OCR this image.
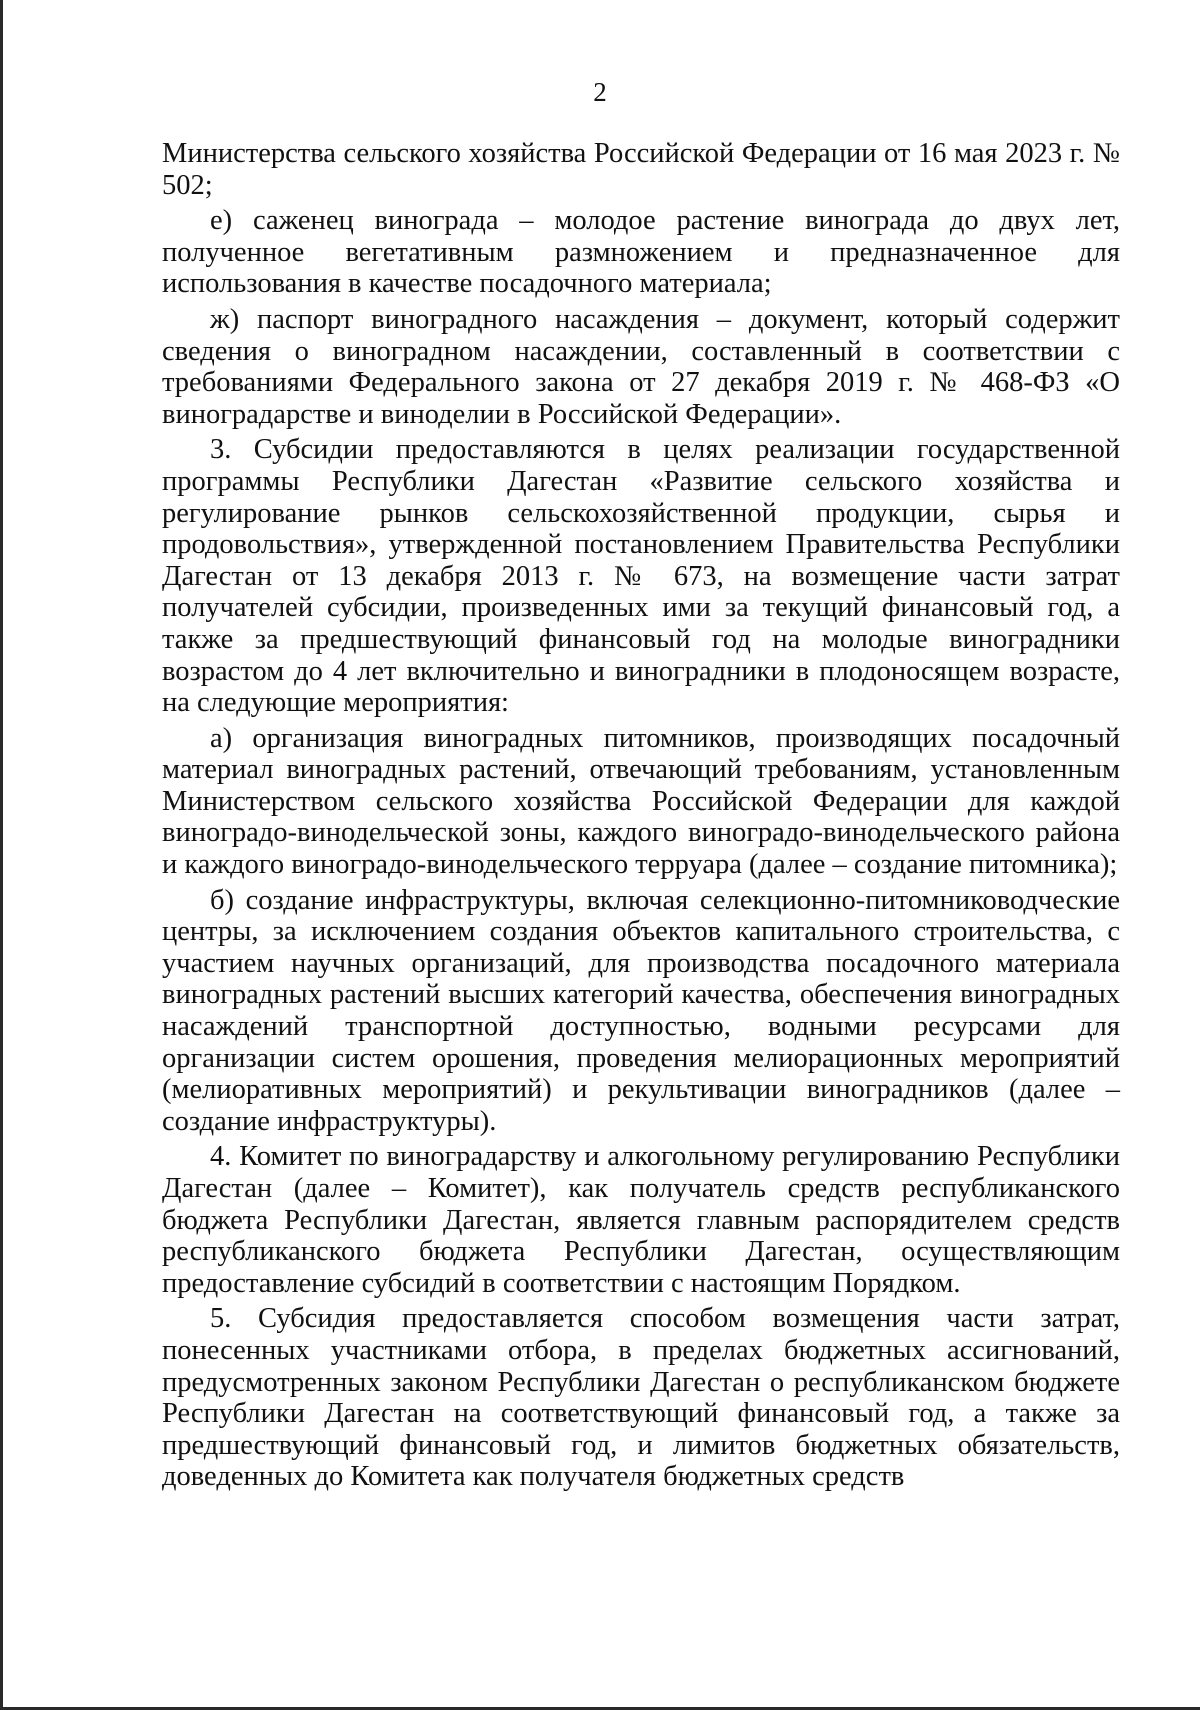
2

Министерства сельского хозяйства Российской Федерации от 16 мая 2023 г. № 502;

е) саженец винограда – молодое растение винограда до двух лет, полученное вегетативным размножением и предназначенное для использования в качестве посадочного материала;

ж) паспорт виноградного насаждения – документ, который содержит сведения о виноградном насаждении, составленный в соответствии с требованиями Федерального закона от 27 декабря 2019 г. № 468-ФЗ «О виноградарстве и виноделии в Российской Федерации».

3. Субсидии предоставляются в целях реализации государственной программы Республики Дагестан «Развитие сельского хозяйства и регулирование рынков сельскохозяйственной продукции, сырья и продовольствия», утвержденной постановлением Правительства Республики Дагестан от 13 декабря 2013 г. № 673, на возмещение части затрат получателей субсидии, произведенных ими за текущий финансовый год, а также за предшествующий финансовый год на молодые виноградники возрастом до 4 лет включительно и виноградники в плодоносящем возрасте, на следующие мероприятия:

а) организация виноградных питомников, производящих посадочный материал виноградных растений, отвечающий требованиям, установленным Министерством сельского хозяйства Российской Федерации для каждой виноградо-винодельческой зоны, каждого виноградо-винодельческого района и каждого виноградо-винодельческого терруара (далее – создание питомника);

б) создание инфраструктуры, включая селекционно-питомниководческие центры, за исключением создания объектов капитального строительства, с участием научных организаций, для производства посадочного материала виноградных растений высших категорий качества, обеспечения виноградных насаждений транспортной доступностью, водными ресурсами для организации систем орошения, проведения мелиорационных мероприятий (мелиоративных мероприятий) и рекультивации виноградников (далее – создание инфраструктуры).

4. Комитет по виноградарству и алкогольному регулированию Республики Дагестан (далее – Комитет), как получатель средств республиканского бюджета Республики Дагестан, является главным распорядителем средств республиканского бюджета Республики Дагестан, осуществляющим предоставление субсидий в соответствии с настоящим Порядком.

5. Субсидия предоставляется способом возмещения части затрат, понесенных участниками отбора, в пределах бюджетных ассигнований, предусмотренных законом Республики Дагестан о республиканском бюджете Республики Дагестан на соответствующий финансовый год, а также за предшествующий финансовый год, и лимитов бюджетных обязательств, доведенных до Комитета как получателя бюджетных средств
